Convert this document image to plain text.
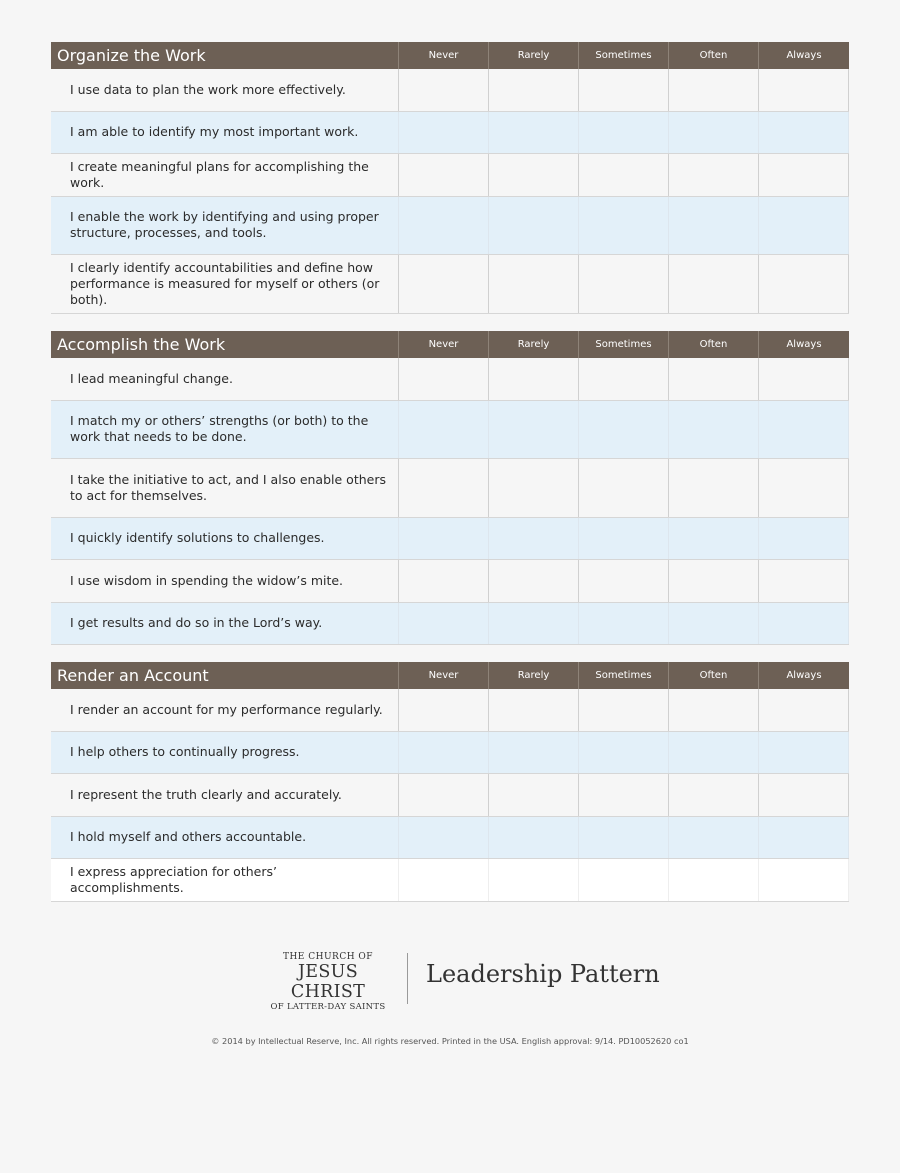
Organize the Work	Never	Rarely	Sometimes	Often	Always
I use data to plan the work more effectively.
I am able to identify my most important work.
I create meaningful plans for accomplishing the work.
I enable the work by identifying and using proper structure, processes, and tools.
I clearly identify accountabilities and define how performance is measured for myself or others (or both).
Accomplish the Work	Never	Rarely	Sometimes	Often	Always
I lead meaningful change.
I match my or others’ strengths (or both) to the work that needs to be done.
I take the initiative to act, and I also enable others to act for themselves.
I quickly identify solutions to challenges.
I use wisdom in spending the widow’s mite.
I get results and do so in the Lord’s way.
Render an Account	Never	Rarely	Sometimes	Often	Always
I render an account for my performance regularly.
I help others to continually progress.
I represent the truth clearly and accurately.
I hold myself and others accountable.
I express appreciation for others’ accomplishments.
THE CHURCH OF
JESUS CHRIST
OF LATTER-DAY SAINTS
Leadership Pattern
© 2014 by Intellectual Reserve, Inc. All rights reserved. Printed in the USA. English approval: 9/14. PD10052620 co1
